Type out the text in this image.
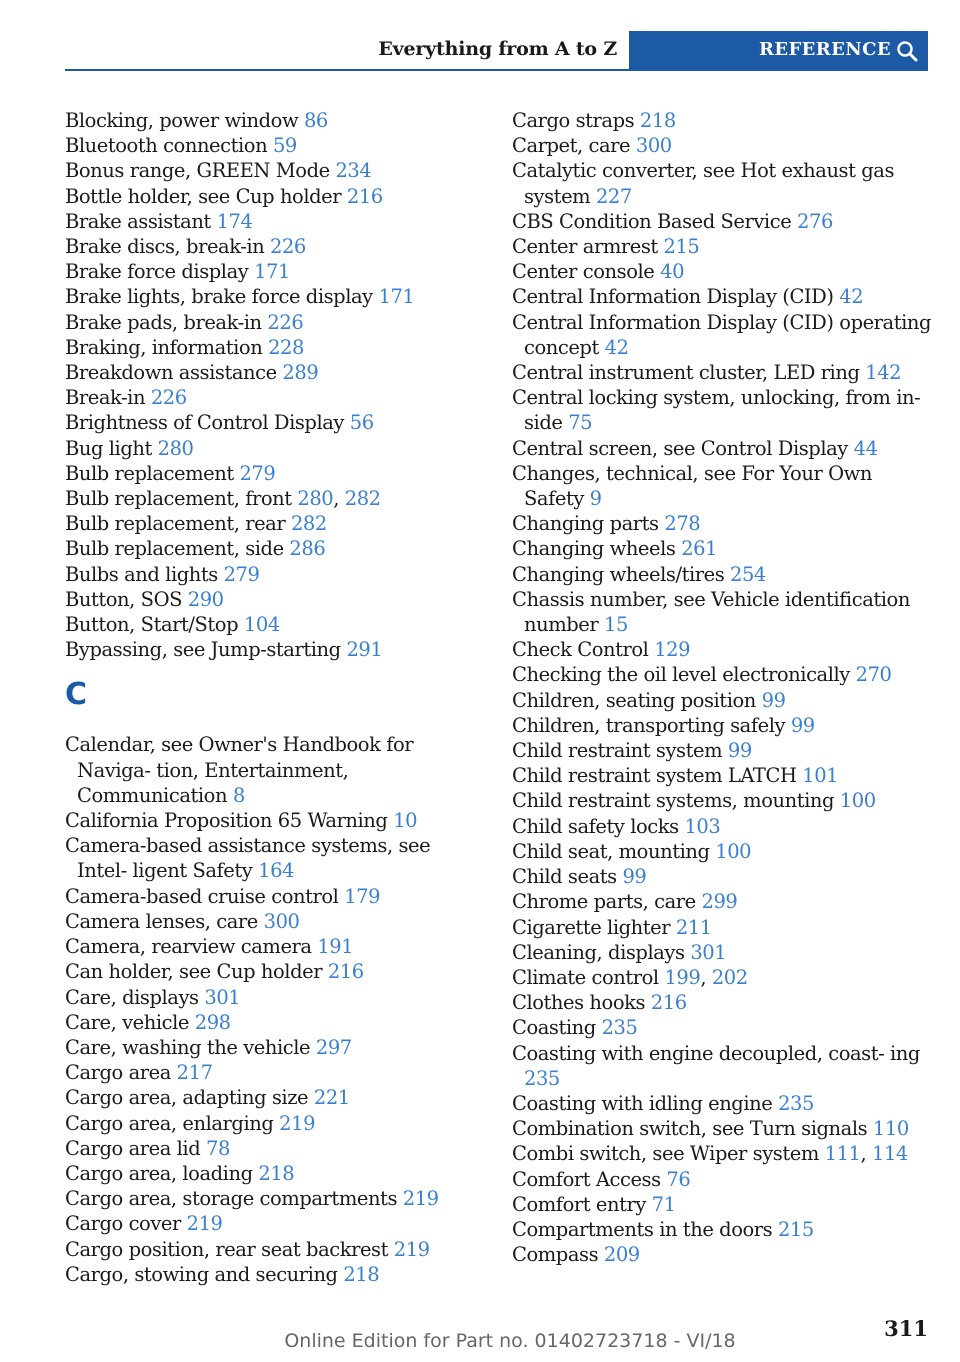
Everything from A to Z	REFERENCE
Blocking, power window 86
Bluetooth connection 59
Bonus range, GREEN Mode 234
Bottle holder, see Cup holder 216
Brake assistant 174
Brake discs, break-in 226
Brake force display 171
Brake lights, brake force display 171
Brake pads, break-in 226
Braking, information 228
Breakdown assistance 289
Break-in 226
Brightness of Control Display 56
Bug light 280
Bulb replacement 279
Bulb replacement, front 280, 282
Bulb replacement, rear 282
Bulb replacement, side 286
Bulbs and lights 279
Button, SOS 290
Button, Start/Stop 104
Bypassing, see Jump-starting 291
C
Calendar, see Owner's Handbook for Naviga‐ tion, Entertainment, Communication 8
California Proposition 65 Warning 10
Camera-based assistance systems, see Intel‐ ligent Safety 164
Camera-based cruise control 179
Camera lenses, care 300
Camera, rearview camera 191
Can holder, see Cup holder 216
Care, displays 301
Care, vehicle 298
Care, washing the vehicle 297
Cargo area 217
Cargo area, adapting size 221
Cargo area, enlarging 219
Cargo area lid 78
Cargo area, loading 218
Cargo area, storage compartments 219
Cargo cover 219
Cargo position, rear seat backrest 219
Cargo, stowing and securing 218
Cargo straps 218
Carpet, care 300
Catalytic converter, see Hot exhaust gas system 227
CBS Condition Based Service 276
Center armrest 215
Center console 40
Central Information Display (CID) 42
Central Information Display (CID) operating concept 42
Central instrument cluster, LED ring 142
Central locking system, unlocking, from in‐ side 75
Central screen, see Control Display 44
Changes, technical, see For Your Own Safety 9
Changing parts 278
Changing wheels 261
Changing wheels/tires 254
Chassis number, see Vehicle identification number 15
Check Control 129
Checking the oil level electronically 270
Children, seating position 99
Children, transporting safely 99
Child restraint system 99
Child restraint system LATCH 101
Child restraint systems, mounting 100
Child safety locks 103
Child seat, mounting 100
Child seats 99
Chrome parts, care 299
Cigarette lighter 211
Cleaning, displays 301
Climate control 199, 202
Clothes hooks 216
Coasting 235
Coasting with engine decoupled, coast‐ ing 235
Coasting with idling engine 235
Combination switch, see Turn signals 110
Combi switch, see Wiper system 111, 114
Comfort Access 76
Comfort entry 71
Compartments in the doors 215
Compass 209
Online Edition for Part no. 01402723718 - VI/18	311
